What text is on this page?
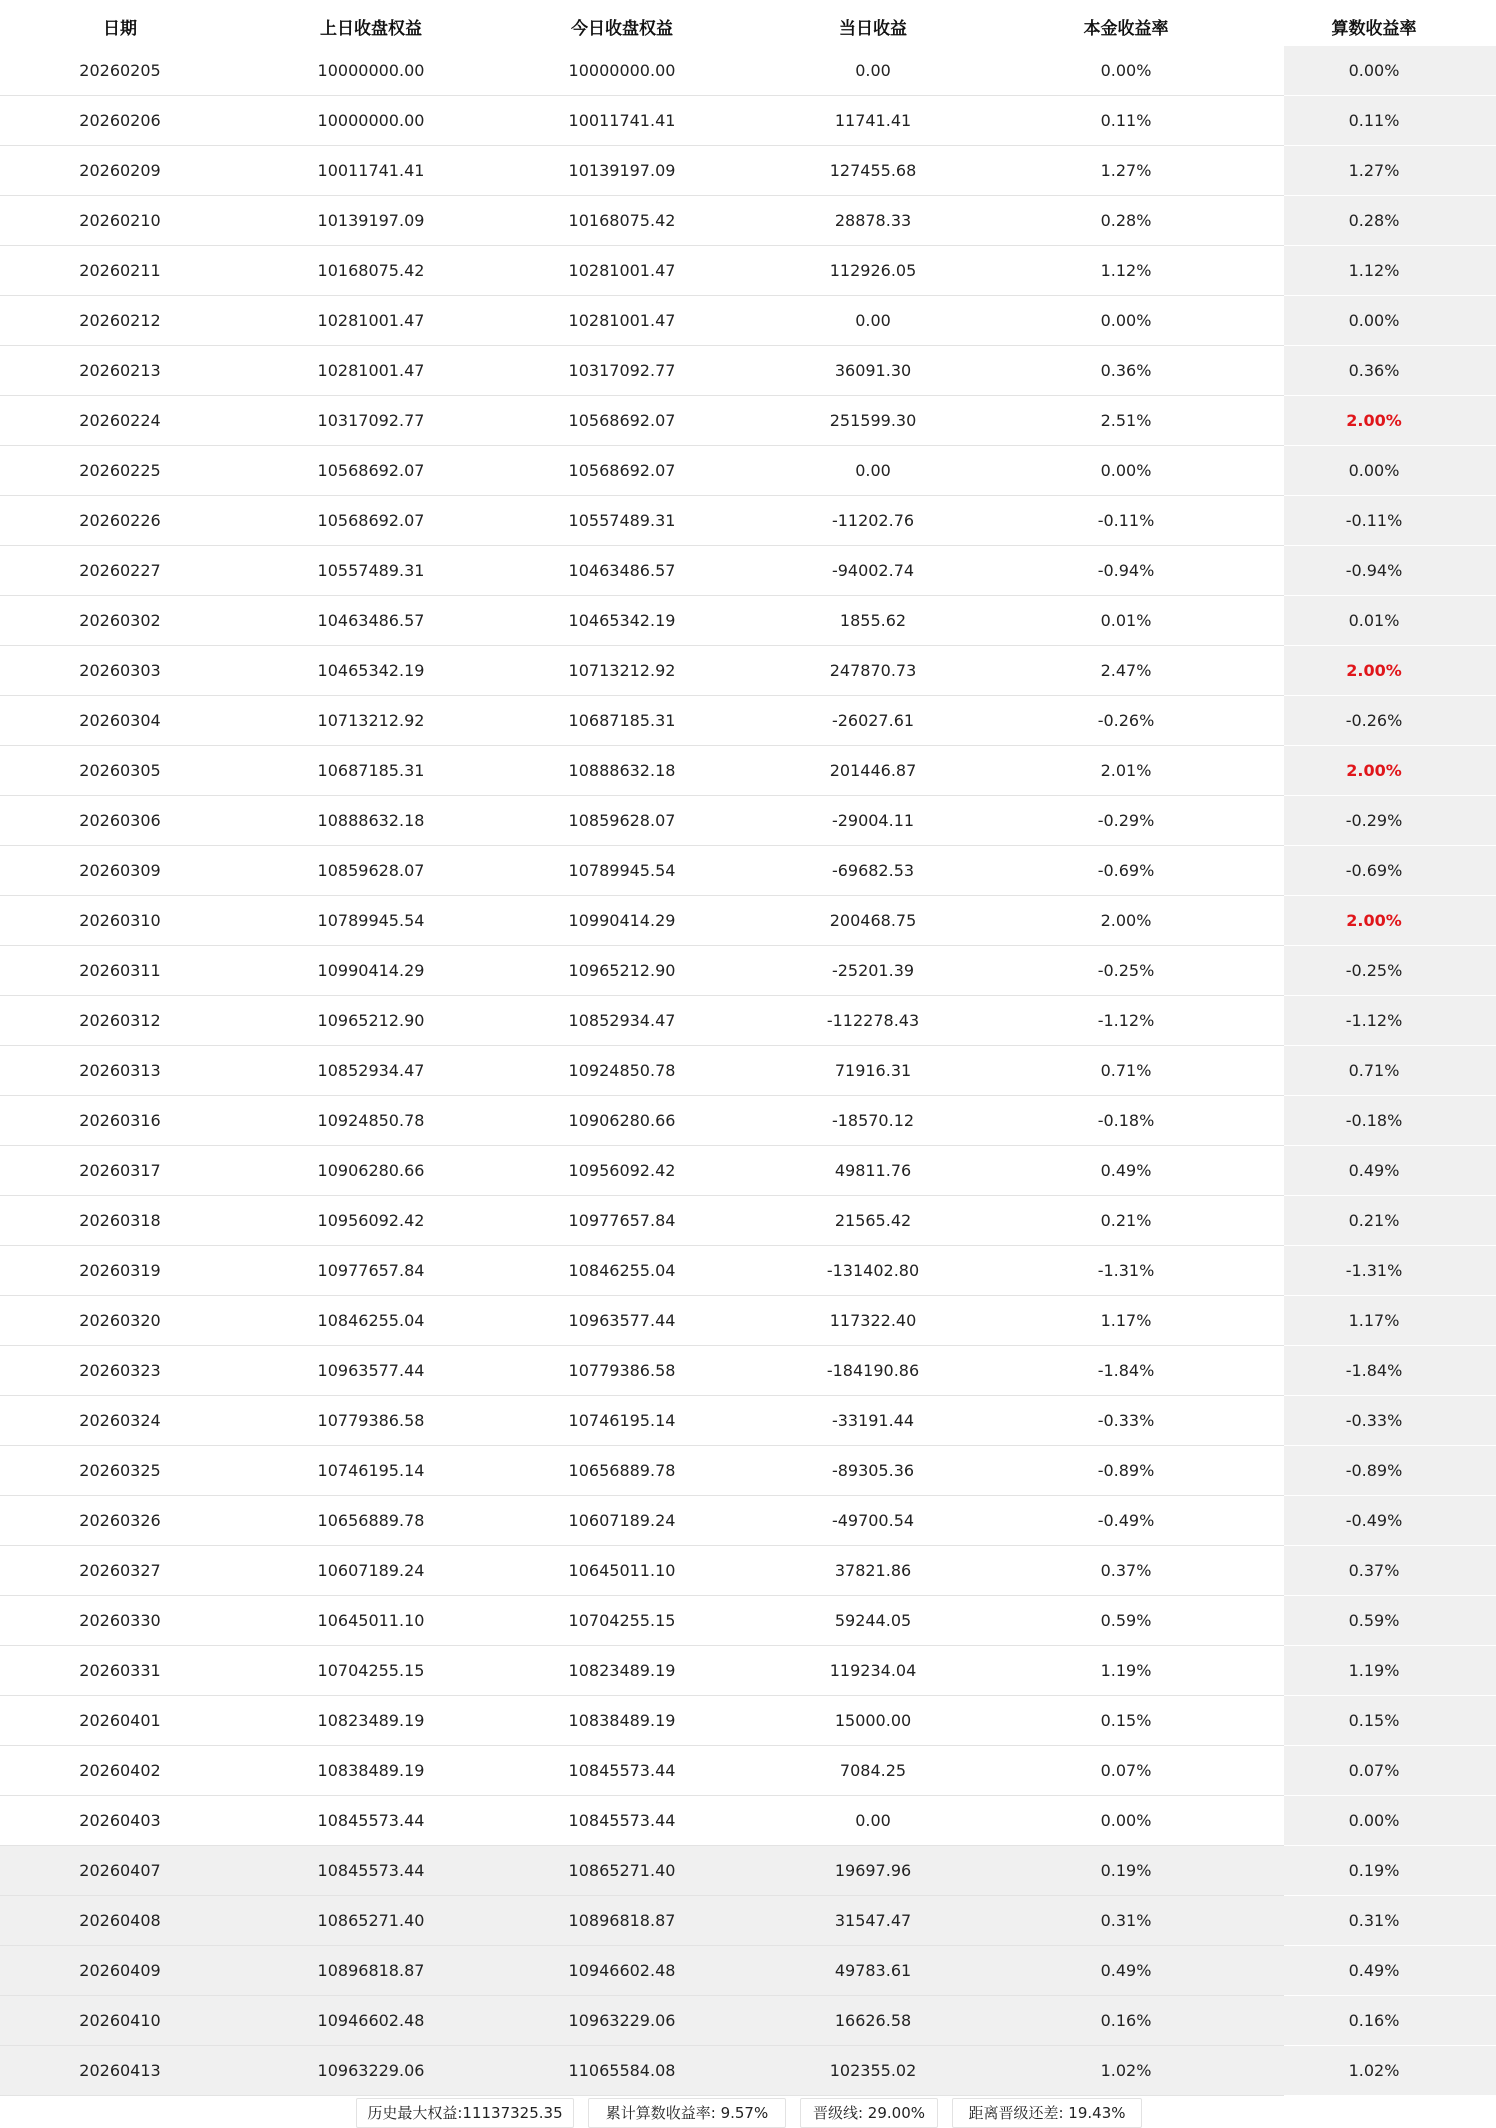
日期	上日收盘权益	今日收盘权益	当日收益	本金收益率	算数收益率
20260205	10000000.00	10000000.00	0.00	0.00%	0.00%
20260206	10000000.00	10011741.41	11741.41	0.11%	0.11%
20260209	10011741.41	10139197.09	127455.68	1.27%	1.27%
20260210	10139197.09	10168075.42	28878.33	0.28%	0.28%
20260211	10168075.42	10281001.47	112926.05	1.12%	1.12%
20260212	10281001.47	10281001.47	0.00	0.00%	0.00%
20260213	10281001.47	10317092.77	36091.30	0.36%	0.36%
20260224	10317092.77	10568692.07	251599.30	2.51%	2.00%
20260225	10568692.07	10568692.07	0.00	0.00%	0.00%
20260226	10568692.07	10557489.31	-11202.76	-0.11%	-0.11%
20260227	10557489.31	10463486.57	-94002.74	-0.94%	-0.94%
20260302	10463486.57	10465342.19	1855.62	0.01%	0.01%
20260303	10465342.19	10713212.92	247870.73	2.47%	2.00%
20260304	10713212.92	10687185.31	-26027.61	-0.26%	-0.26%
20260305	10687185.31	10888632.18	201446.87	2.01%	2.00%
20260306	10888632.18	10859628.07	-29004.11	-0.29%	-0.29%
20260309	10859628.07	10789945.54	-69682.53	-0.69%	-0.69%
20260310	10789945.54	10990414.29	200468.75	2.00%	2.00%
20260311	10990414.29	10965212.90	-25201.39	-0.25%	-0.25%
20260312	10965212.90	10852934.47	-112278.43	-1.12%	-1.12%
20260313	10852934.47	10924850.78	71916.31	0.71%	0.71%
20260316	10924850.78	10906280.66	-18570.12	-0.18%	-0.18%
20260317	10906280.66	10956092.42	49811.76	0.49%	0.49%
20260318	10956092.42	10977657.84	21565.42	0.21%	0.21%
20260319	10977657.84	10846255.04	-131402.80	-1.31%	-1.31%
20260320	10846255.04	10963577.44	117322.40	1.17%	1.17%
20260323	10963577.44	10779386.58	-184190.86	-1.84%	-1.84%
20260324	10779386.58	10746195.14	-33191.44	-0.33%	-0.33%
20260325	10746195.14	10656889.78	-89305.36	-0.89%	-0.89%
20260326	10656889.78	10607189.24	-49700.54	-0.49%	-0.49%
20260327	10607189.24	10645011.10	37821.86	0.37%	0.37%
20260330	10645011.10	10704255.15	59244.05	0.59%	0.59%
20260331	10704255.15	10823489.19	119234.04	1.19%	1.19%
20260401	10823489.19	10838489.19	15000.00	0.15%	0.15%
20260402	10838489.19	10845573.44	7084.25	0.07%	0.07%
20260403	10845573.44	10845573.44	0.00	0.00%	0.00%
20260407	10845573.44	10865271.40	19697.96	0.19%	0.19%
20260408	10865271.40	10896818.87	31547.47	0.31%	0.31%
20260409	10896818.87	10946602.48	49783.61	0.49%	0.49%
20260410	10946602.48	10963229.06	16626.58	0.16%	0.16%
20260413	10963229.06	11065584.08	102355.02	1.02%	1.02%
历史最大权益:11137325.35	累计算数收益率: 9.57%	晋级线: 29.00%	距离晋级还差: 19.43%
